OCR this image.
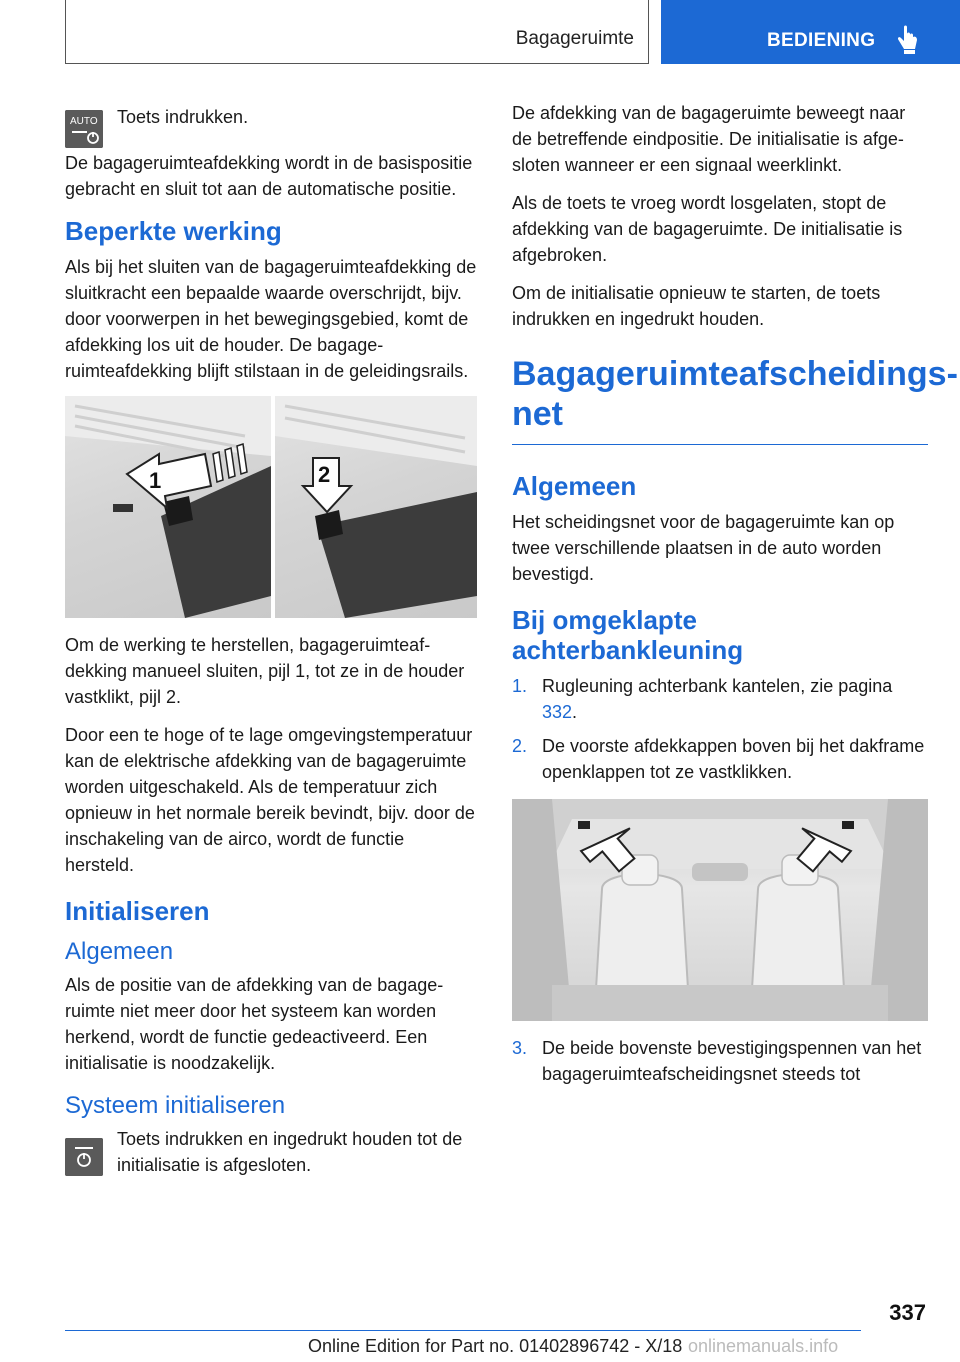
Bagageruimte	BEDIENING
AUTO Toets indrukken.

De bagageruimteafdekking wordt in de basispositie gebracht en sluit tot aan de automatische positie.

Beperkte werking

Als bij het sluiten van de bagageruimteafdekking de sluitkracht een bepaalde waarde overschrijdt, bijv. door voorwerpen in het bewegingsgebied, komt de afdekking los uit de houder. De bagageruimteafdekking blijft stilstaan in de geleidingsrails.

1	2

Om de werking te herstellen, bagageruimteafdekking manueel sluiten, pijl 1, tot ze in de houder vastklikt, pijl 2.

Door een te hoge of te lage omgevingstemperatuur kan de elektrische afdekking van de bagageruimte worden uitgeschakeld. Als de temperatuur zich opnieuw in het normale bereik bevindt, bijv. door de inschakeling van de airco, wordt de functie hersteld.

Initialiseren
Algemeen

Als de positie van de afdekking van de bagageruimte niet meer door het systeem kan worden herkend, wordt de functie gedeactiveerd. Een initialisatie is noodzakelijk.

Systeem initialiseren

Toets indrukken en ingedrukt houden tot de initialisatie is afgesloten.

De afdekking van de bagageruimte beweegt naar de betreffende eindpositie. De initialisatie is afgesloten wanneer er een signaal weerklinkt.

Als de toets te vroeg wordt losgelaten, stopt de afdekking van de bagageruimte. De initialisatie is afgebroken.

Om de initialisatie opnieuw te starten, de toets indrukken en ingedrukt houden.

Bagageruimteafscheidingsnet
Algemeen

Het scheidingsnet voor de bagageruimte kan op twee verschillende plaatsen in de auto worden bevestigd.

Bij omgeklapte achterbankleuning
1. Rugleuning achterbank kantelen, zie pagina 332.
2. De voorste afdekkappen boven bij het dakframe openklappen tot ze vastklikken.
3. De beide bovenste bevestigingspennen van het bagageruimteafscheidingsnet steeds tot
337
Online Edition for Part no. 01402896742 - X/18 onlinemanuals.info
